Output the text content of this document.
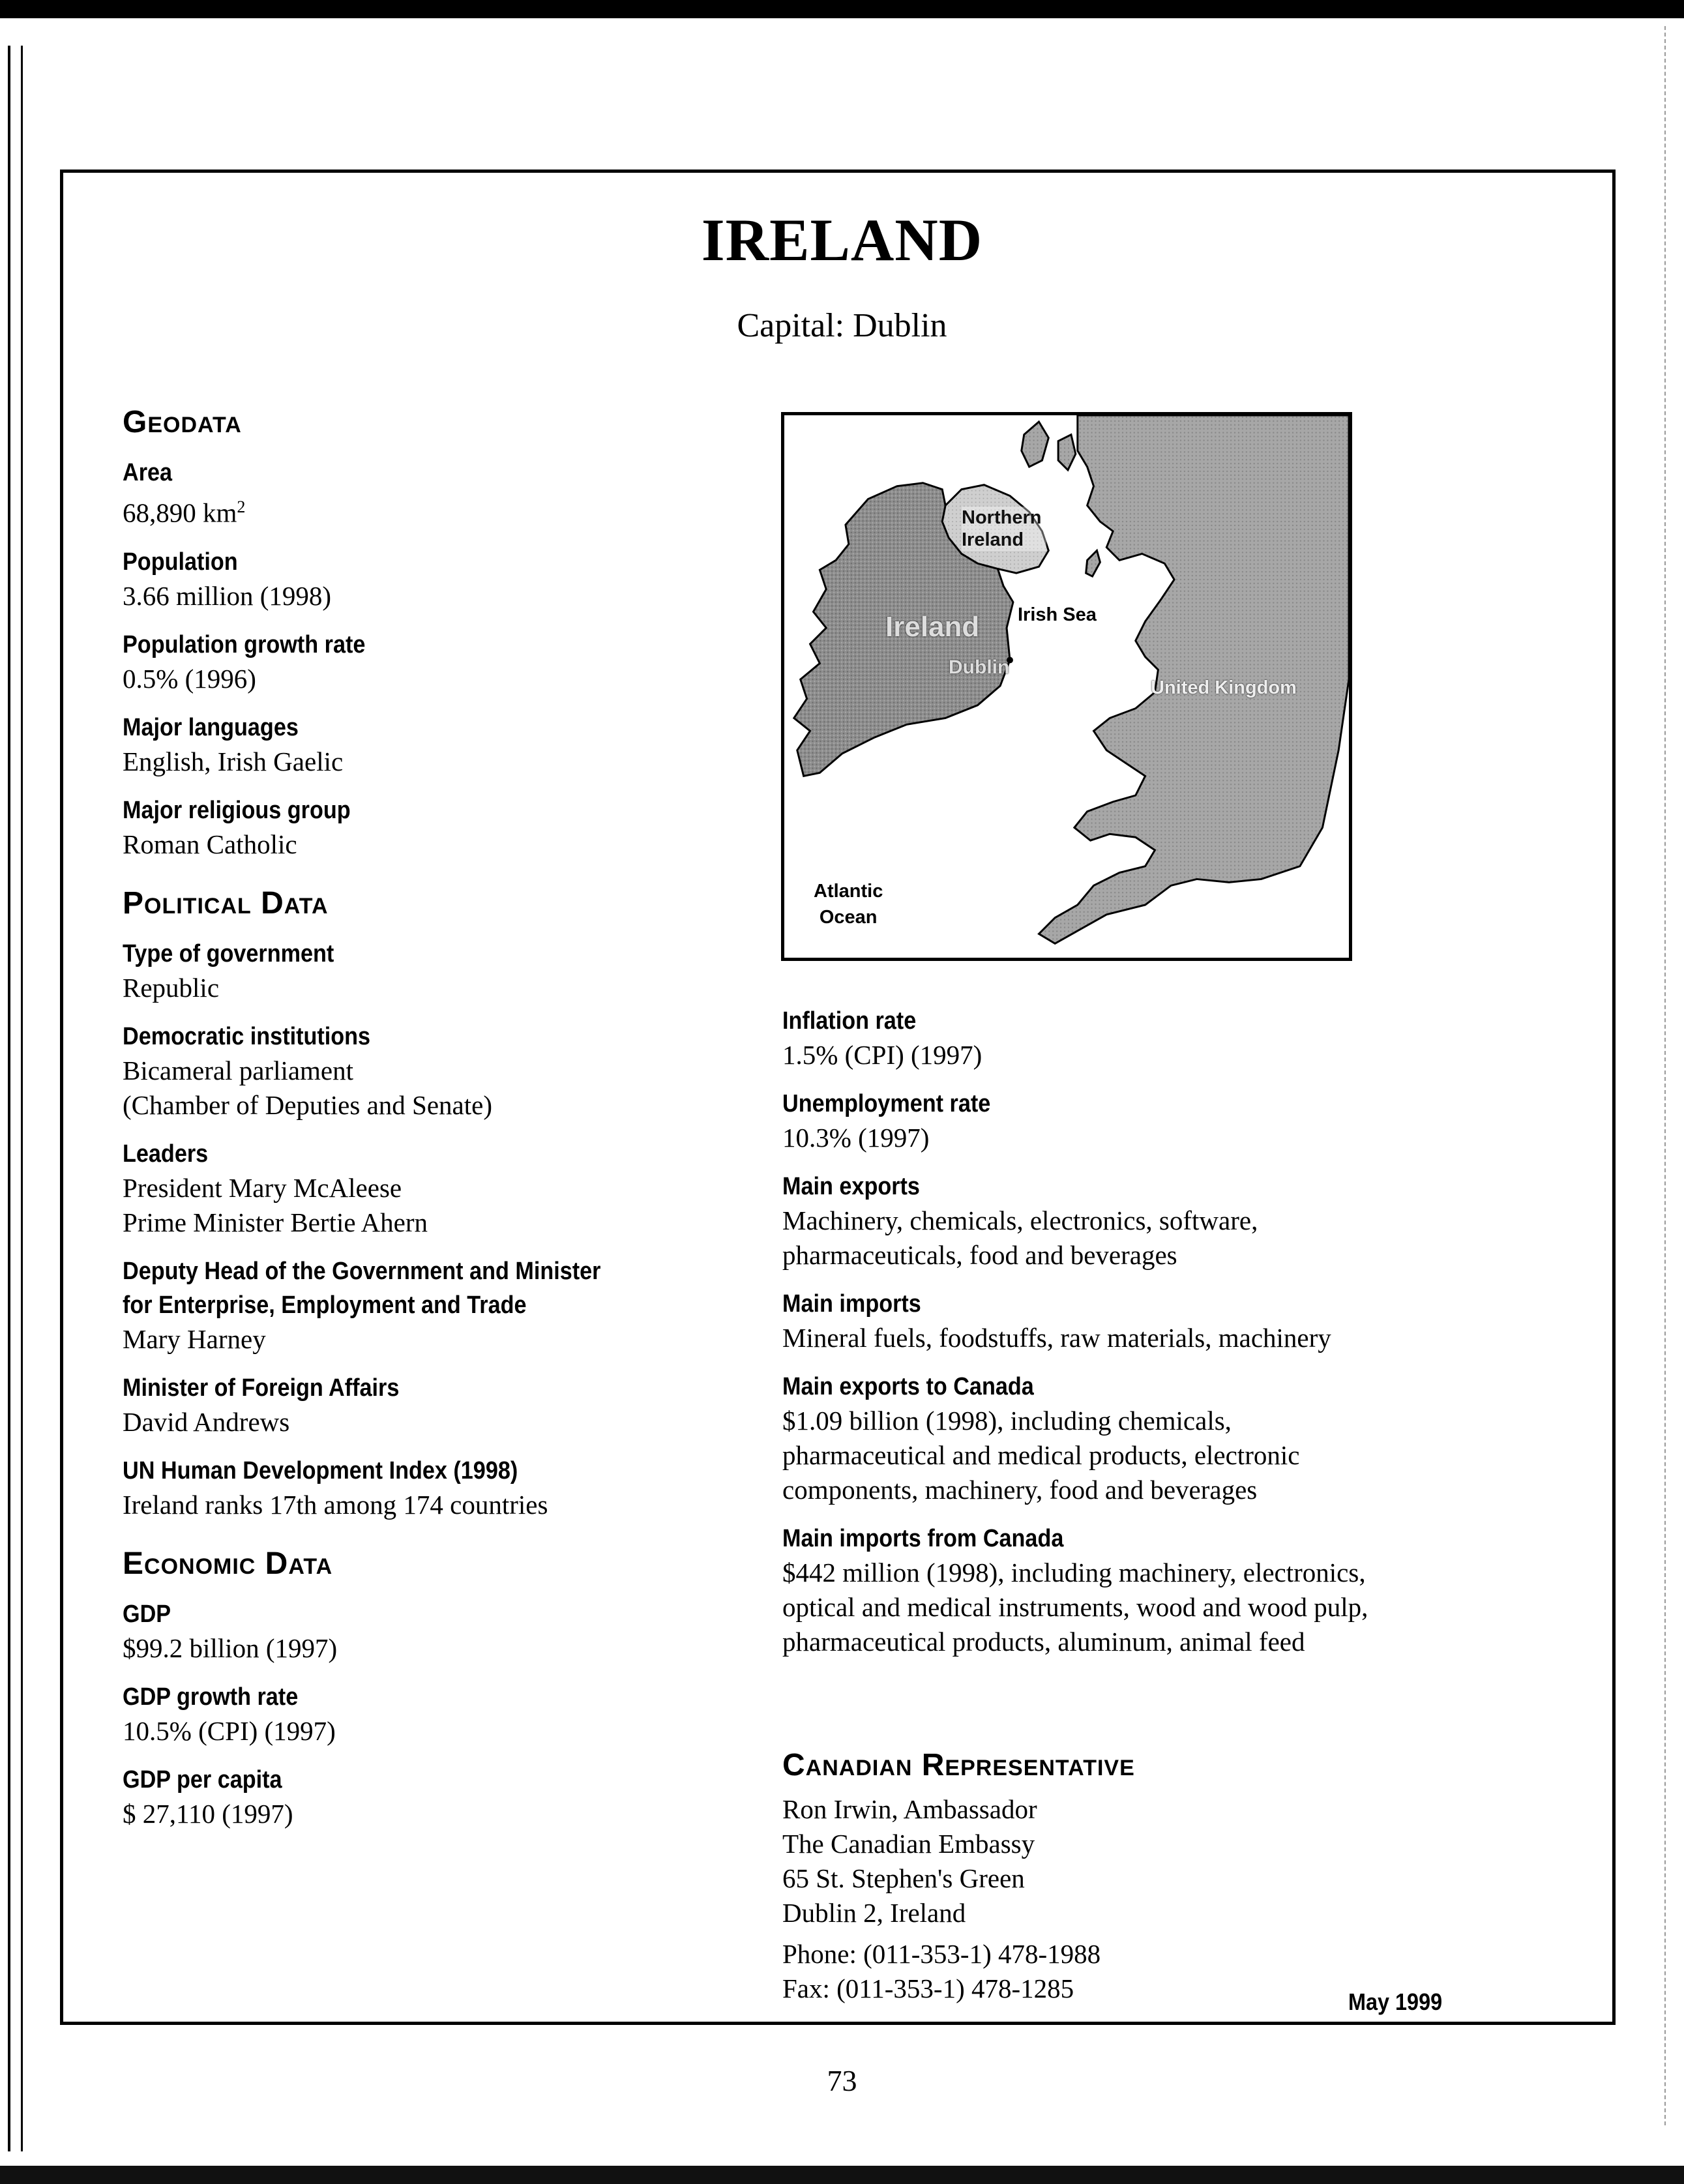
IRELAND
Capital: Dublin
Geodata
Area
68,890 $km^2$
Population
3.66 million (1998)
Population growth rate
0.5% (1996)
Major languages
English, Irish Gaelic
Major religious group
Roman Catholic
Political Data
Type of government
Republic
Democratic institutions
Bicameral parliament
(Chamber of Deputies and Senate)
Leaders
President Mary McAleese
Prime Minister Bertie Ahern
Deputy Head of the Government and Minister
for Enterprise, Employment and Trade
Mary Harney
Minister of Foreign Affairs
David Andrews
UN Human Development Index (1998)
Ireland ranks 17th among 174 countries
Economic Data
GDP
$99.2 billion (1997)
GDP growth rate
10.5% (CPI) (1997)
GDP per capita
$ 27,110 (1997)
Northern
Ireland
Ireland
Dublin
Irish Sea
United Kingdom
Atlantic
Ocean
Inflation rate
1.5% (CPI) (1997)
Unemployment rate
10.3% (1997)
Main exports
Machinery, chemicals, electronics, software,
pharmaceuticals, food and beverages
Main imports
Mineral fuels, foodstuffs, raw materials, machinery
Main exports to Canada
$1.09 billion (1998), including chemicals,
pharmaceutical and medical products, electronic
components, machinery, food and beverages
Main imports from Canada
$442 million (1998), including machinery, electronics,
optical and medical instruments, wood and wood pulp,
pharmaceutical products, aluminum, animal feed
Canadian Representative
Ron Irwin, Ambassador
The Canadian Embassy
65 St. Stephen's Green
Dublin 2, Ireland
Phone: (011-353-1) 478-1988
Fax: (011-353-1) 478-1285	May 1999
73
